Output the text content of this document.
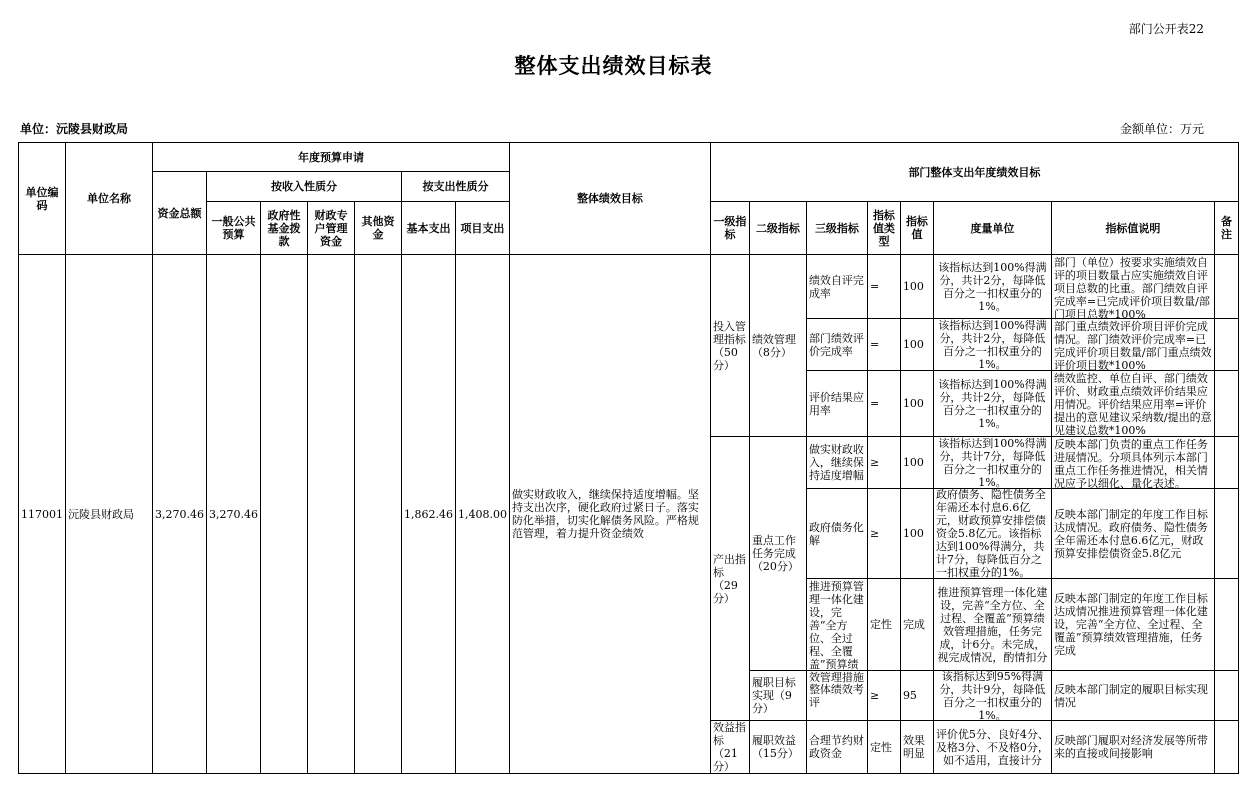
部门公开表22
整体支出绩效目标表
单位：沅陵县财政局	金额单位：万元
单位编码	单位名称	年度预算申请							整体绩效目标	部门整体支出年度绩效目标							
		资金总额	按收入性质分				按支出性质分										
			一般公共预算	政府性基金拨款	财政专户管理资金	其他资金	基本支出	项目支出		一级指标	二级指标	三级指标	指标值类型	指标值	度量单位	指标值说明	备注
117001	沅陵县财政局	3,270.46	3,270.46				1,862.46	1,408.00	做实财政收入，继续保持适度增幅。坚持支出次序，硬化政府过紧日子。落实防化举措，切实化解债务风险。严格规范管理，着力提升资金绩效	投入管理指标（50分）	绩效管理（8分）	绩效自评完成率	=	100	该指标达到100%得满分，共计2分，每降低百分之一扣权重分的1%。	部门（单位）按要求实施绩效自评的项目数量占应实施绩效自评项目总数的比重。部门绩效自评完成率=已完成评价项目数量/部门项目总数*100%	

												部门绩效评价完成率	=	100	该指标达到100%得满分，共计2分，每降低百分之一扣权重分的1%。	部门重点绩效评价项目评价完成情况。部门绩效评价完成率=已完成评价项目数量/部门重点绩效评价项目数*100%	

												评价结果应用率	=	100	该指标达到100%得满分，共计2分，每降低百分之一扣权重分的1%。	绩效监控、单位自评、部门绩效评价、财政重点绩效评价结果应用情况。评价结果应用率=评价提出的意见建议采纳数/提出的意见建议总数*100%	

										产出指标（29分）	重点工作任务完成（20分）	做实财政收入，继续保持适度增幅	≥	100	该指标达到100%得满分，共计7分，每降低百分之一扣权重分的1%。	反映本部门负责的重点工作任务进展情况。分项具体列示本部门重点工作任务推进情况，相关情况应予以细化、量化表述。	

												政府债务化解	≥	100	政府债务、隐性债务全年需还本付息6.6亿元，财政预算安排偿债资金5.8亿元。该指标达到100%得满分，共计7分，每降低百分之一扣权重分的1%。	反映本部门制定的年度工作目标达成情况。政府债务、隐性债务全年需还本付息6.6亿元，财政预算安排偿债资金5.8亿元	

												推进预算管理一体化建设，完善“全方位、全过程、全覆盖”预算绩效管理措施	定性	完成	推进预算管理一体化建设，完善“全方位、全过程、全覆盖”预算绩效管理措施，任务完成，计6分。未完成，视完成情况，酌情扣分	反映本部门制定的年度工作目标达成情况推进预算管理一体化建设，完善“全方位、全过程、全覆盖”预算绩效管理措施，任务完成	

											履职目标实现（9分）	整体绩效考评	≥	95	该指标达到95%得满分，共计9分，每降低百分之一扣权重分的1%。	反映本部门制定的履职目标实现情况	

										效益指标（21分）	履职效益（15分）	合理节约财政资金	定性	效果明显	评价优5分、良好4分、及格3分、不及格0分，如不适用，直接计分	反映部门履职对经济发展等所带来的直接或间接影响	
